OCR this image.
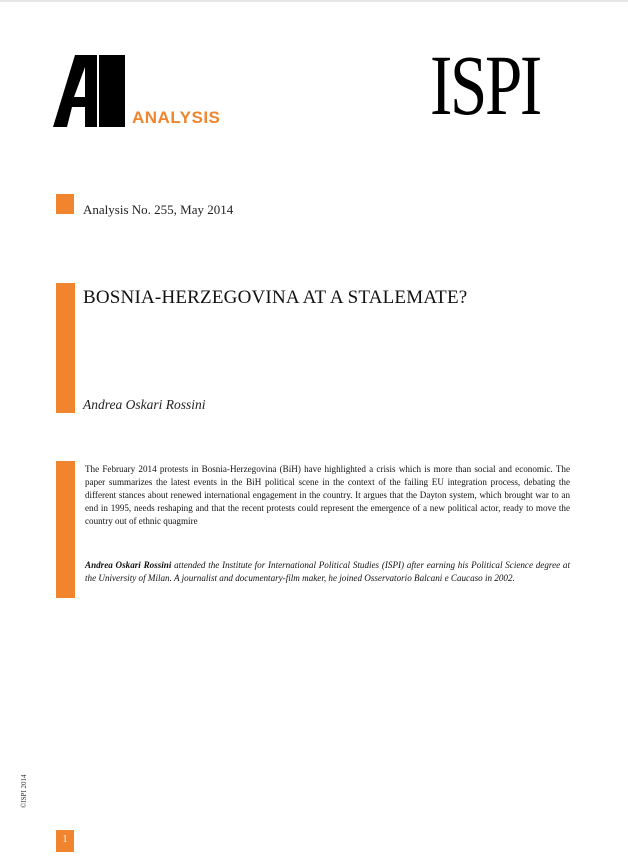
ANALYSIS ISPI
Analysis No. 255, May 2014
BOSNIA-HERZEGOVINA AT A STALEMATE?
Andrea Oskari Rossini
The February 2014 protests in Bosnia-Herzegovina (BiH) have highlighted a crisis which is more than social and economic. The paper summarizes the latest events in the BiH political scene in the context of the failing EU integration process, debating the different stances about renewed international engagement in the country. It argues that the Dayton system, which brought war to an end in 1995, needs reshaping and that the recent protests could represent the emergence of a new political actor, ready to move the country out of ethnic quagmire
Andrea Oskari Rossini attended the Institute for International Political Studies (ISPI) after earning his Political Science degree at the University of Milan. A journalist and documentary-film maker, he joined Osservatorio Balcani e Caucaso in 2002.
©ISPI 2014
1
